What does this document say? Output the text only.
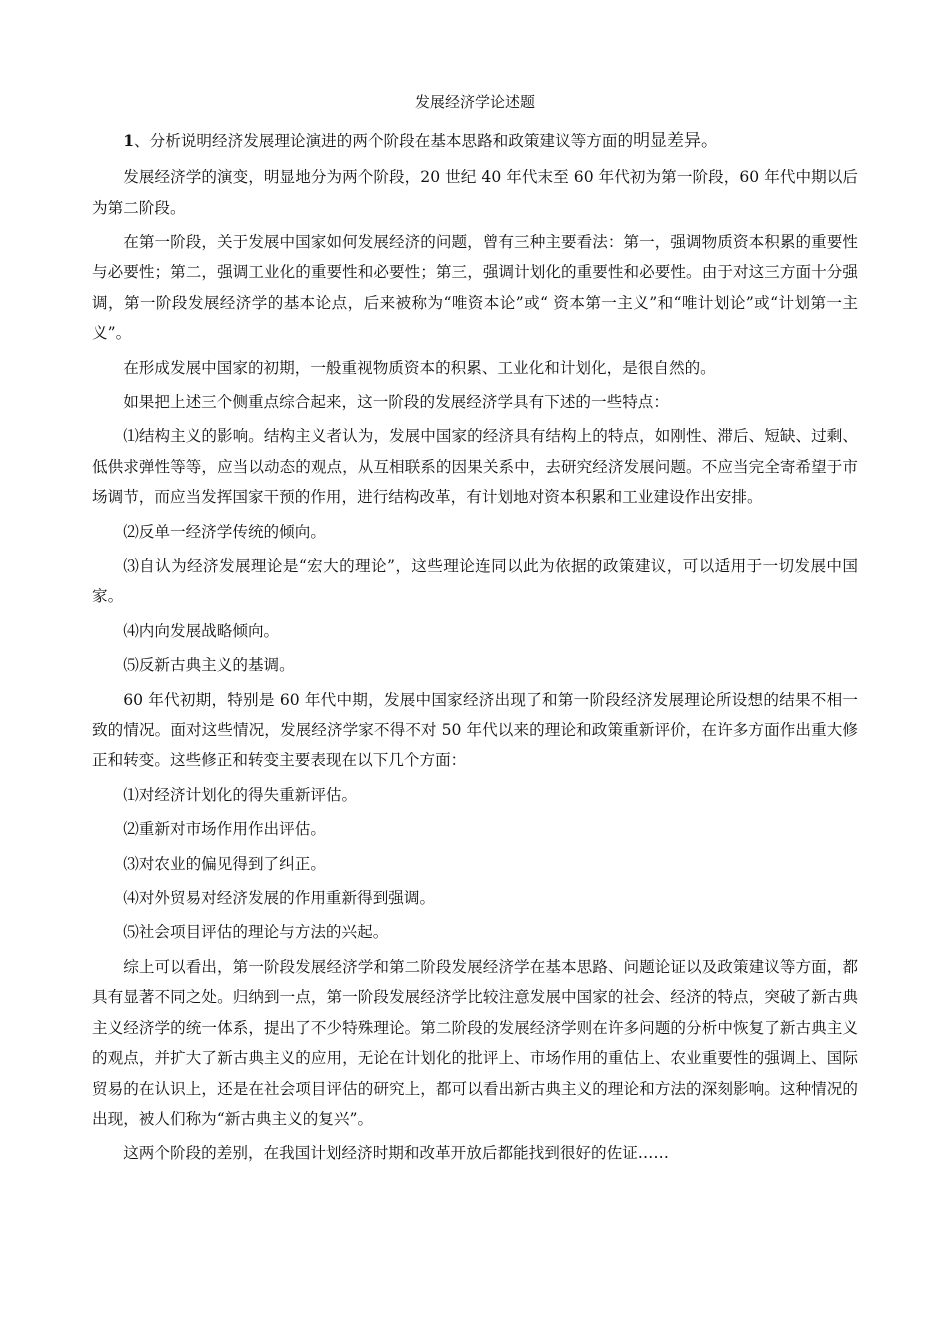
发展经济学论述题

1、分析说明经济发展理论演进的两个阶段在基本思路和政策建议等方面的明显差异。

发展经济学的演变，明显地分为两个阶段，20 世纪 40 年代末至 60 年代初为第一阶段，60 年代中期以后为第二阶段。

在第一阶段，关于发展中国家如何发展经济的问题，曾有三种主要看法：第一，强调物质资本积累的重要性与必要性；第二，强调工业化的重要性和必要性；第三，强调计划化的重要性和必要性。由于对这三方面十分强调，第一阶段发展经济学的基本论点，后来被称为“唯资本论”或“ 资本第一主义”和“唯计划论”或“计划第一主义”。

在形成发展中国家的初期，一般重视物质资本的积累、工业化和计划化，是很自然的。

如果把上述三个侧重点综合起来，这一阶段的发展经济学具有下述的一些特点：

⑴结构主义的影响。结构主义者认为，发展中国家的经济具有结构上的特点，如刚性、滞后、短缺、过剩、低供求弹性等等，应当以动态的观点，从互相联系的因果关系中，去研究经济发展问题。不应当完全寄希望于市场调节，而应当发挥国家干预的作用，进行结构改革，有计划地对资本积累和工业建设作出安排。

⑵反单一经济学传统的倾向。

⑶自认为经济发展理论是“宏大的理论”，这些理论连同以此为依据的政策建议，可以适用于一切发展中国家。

⑷内向发展战略倾向。

⑸反新古典主义的基调。

60 年代初期，特别是 60 年代中期，发展中国家经济出现了和第一阶段经济发展理论所设想的结果不相一致的情况。面对这些情况，发展经济学家不得不对 50 年代以来的理论和政策重新评价，在许多方面作出重大修正和转变。这些修正和转变主要表现在以下几个方面：

⑴对经济计划化的得失重新评估。

⑵重新对市场作用作出评估。

⑶对农业的偏见得到了纠正。

⑷对外贸易对经济发展的作用重新得到强调。

⑸社会项目评估的理论与方法的兴起。

综上可以看出，第一阶段发展经济学和第二阶段发展经济学在基本思路、问题论证以及政策建议等方面，都具有显著不同之处。归纳到一点，第一阶段发展经济学比较注意发展中国家的社会、经济的特点，突破了新古典主义经济学的统一体系，提出了不少特殊理论。第二阶段的发展经济学则在许多问题的分析中恢复了新古典主义的观点，并扩大了新古典主义的应用，无论在计划化的批评上、市场作用的重估上、农业重要性的强调上、国际贸易的在认识上，还是在社会项目评估的研究上，都可以看出新古典主义的理论和方法的深刻影响。这种情况的出现，被人们称为“新古典主义的复兴”。

这两个阶段的差别，在我国计划经济时期和改革开放后都能找到很好的佐证……
